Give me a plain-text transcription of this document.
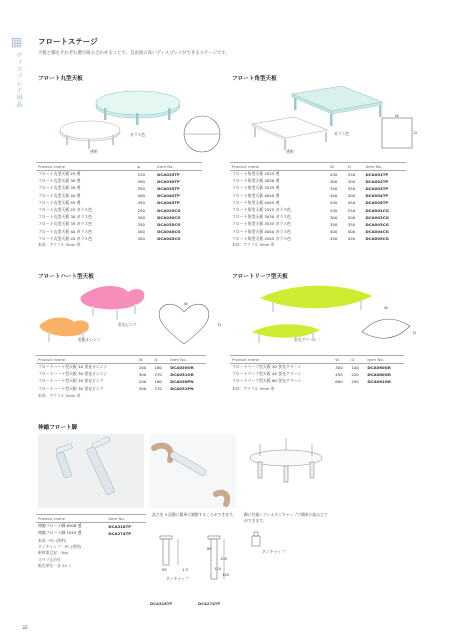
ディスプレイ用品
フロートステージ
天板と脚をそれぞれ選び組み合わせることで、自由度の高いディスプレイができるステージです。
フロート丸型天板
ガラス色
透明
Product name	φ	Item No.
フロート丸型天板 25 透	250	DCA025TP
フロート丸型天板 30 透	300	DCA030TP
フロート丸型天板 35 透	350	DCA035TP
フロート丸型天板 40 透	400	DCA040TP
フロート丸型天板 45 透	450	DCA045TP
フロート丸型天板 25 ガラス色	250	DCA025CG
フロート丸型天板 30 ガラス色	300	DCA030CG
フロート丸型天板 35 ガラス色	350	DCA035CG
フロート丸型天板 40 ガラス色	400	DCA040CG
フロート丸型天板 45 ガラス色	450	DCA045CG
本体：アクリル 5mm 厚
フロート角型天板
W
D
ガラス色
透明
Product name	W	D	Item No.
フロート角型天板 2525 透	250	250	DCA001TP
フロート角型天板 3030 透	300	300	DCA002TP
フロート角型天板 3535 透	350	350	DCA003TP
フロート角型天板 4040 透	400	400	DCA004TP
フロート角型天板 4545 透	450	450	DCA005TP
フロート角型天板 2525 ガラス色	250	250	DCA001CG
フロート角型天板 3030 ガラス色	300	300	DCA002CG
フロート角型天板 3535 ガラス色	350	350	DCA003CG
フロート角型天板 4040 ガラス色	400	400	DCA004CG
フロート角型天板 4545 ガラス色	450	450	DCA005CG
本体：アクリル 5mm 厚
フロートハート型天板
W
D
蛍光ピンク
蛍光オレンジ
Product name	W	D	Item No.
フロートハート型天板 20 蛍光オレンジ	200	180	DCA050OR
フロートハート型天板 30 蛍光オレンジ	300	270	DCA051OR
フロートハート型天板 20 蛍光ピンク	200	180	DCA050PN
フロートハート型天板 30 蛍光ピンク	300	270	DCA051PN
本体：アクリル 5mm 厚
フロートリーフ型天板
W
D
蛍光グリーン
Product name	W	D	Item No.
フロートリーフ型天板 30 蛍光グリーン	300	140	DCA060GR
フロートリーフ型天板 45 蛍光グリーン	450	220	DCA060GR
フロートリーフ型天板 60 蛍光グリーン	600	295	DCA061GR
本体：アクリル 5mm 厚
伸縮フロート脚
Product name	Item No.
伸縮フロート脚 6508 透	DCA318TP
伸縮フロート脚 1015 透	DCA274TP
本体：PC (透明)
ネジキャップ：PC (透明)
耐荷重目安：3kg
スペリ止め付
販売単位：各 24 ヶ
高さを 3 段階に簡単に調節することができます。	脚に付属しているネジキャップで簡単に組み立てができます。
65
80
100
120
145
1.5
ネジキャップ
ネジキャップ
DCA318TP	DCA274TP
32
